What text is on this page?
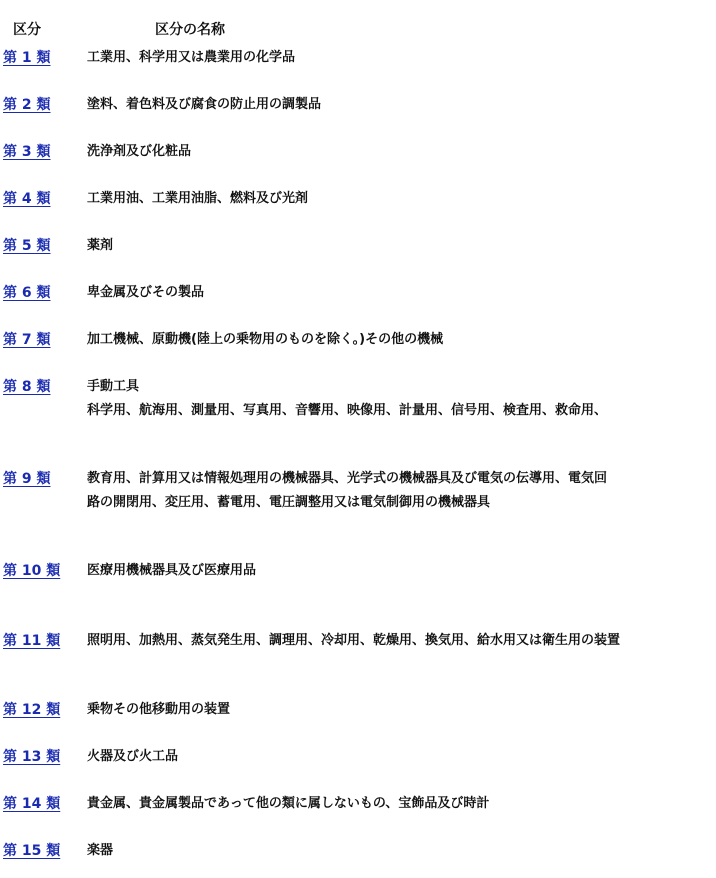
区分	区分の名称
第 1 類	工業用、科学用又は農業用の化学品
第 2 類	塗料、着色料及び腐食の防止用の調製品
第 3 類	洗浄剤及び化粧品
第 4 類	工業用油、工業用油脂、燃料及び光剤
第 5 類	薬剤
第 6 類	卑金属及びその製品
第 7 類	加工機械、原動機(陸上の乗物用のものを除く。)その他の機械
第 8 類	手動工具
科学用、航海用、測量用、写真用、音響用、映像用、計量用、信号用、検査用、救命用、
第 9 類	教育用、計算用又は情報処理用の機械器具、光学式の機械器具及び電気の伝導用、電気回
路の開閉用、変圧用、蓄電用、電圧調整用又は電気制御用の機械器具
第 10 類 医療用機械器具及び医療用品
第 11 類 照明用、加熱用、蒸気発生用、調理用、冷却用、乾燥用、換気用、給水用又は衛生用の装置
第 12 類 乗物その他移動用の装置
第 13 類 火器及び火工品
第 14 類 貴金属、貴金属製品であって他の類に属しないもの、宝飾品及び時計
第 15 類 楽器
